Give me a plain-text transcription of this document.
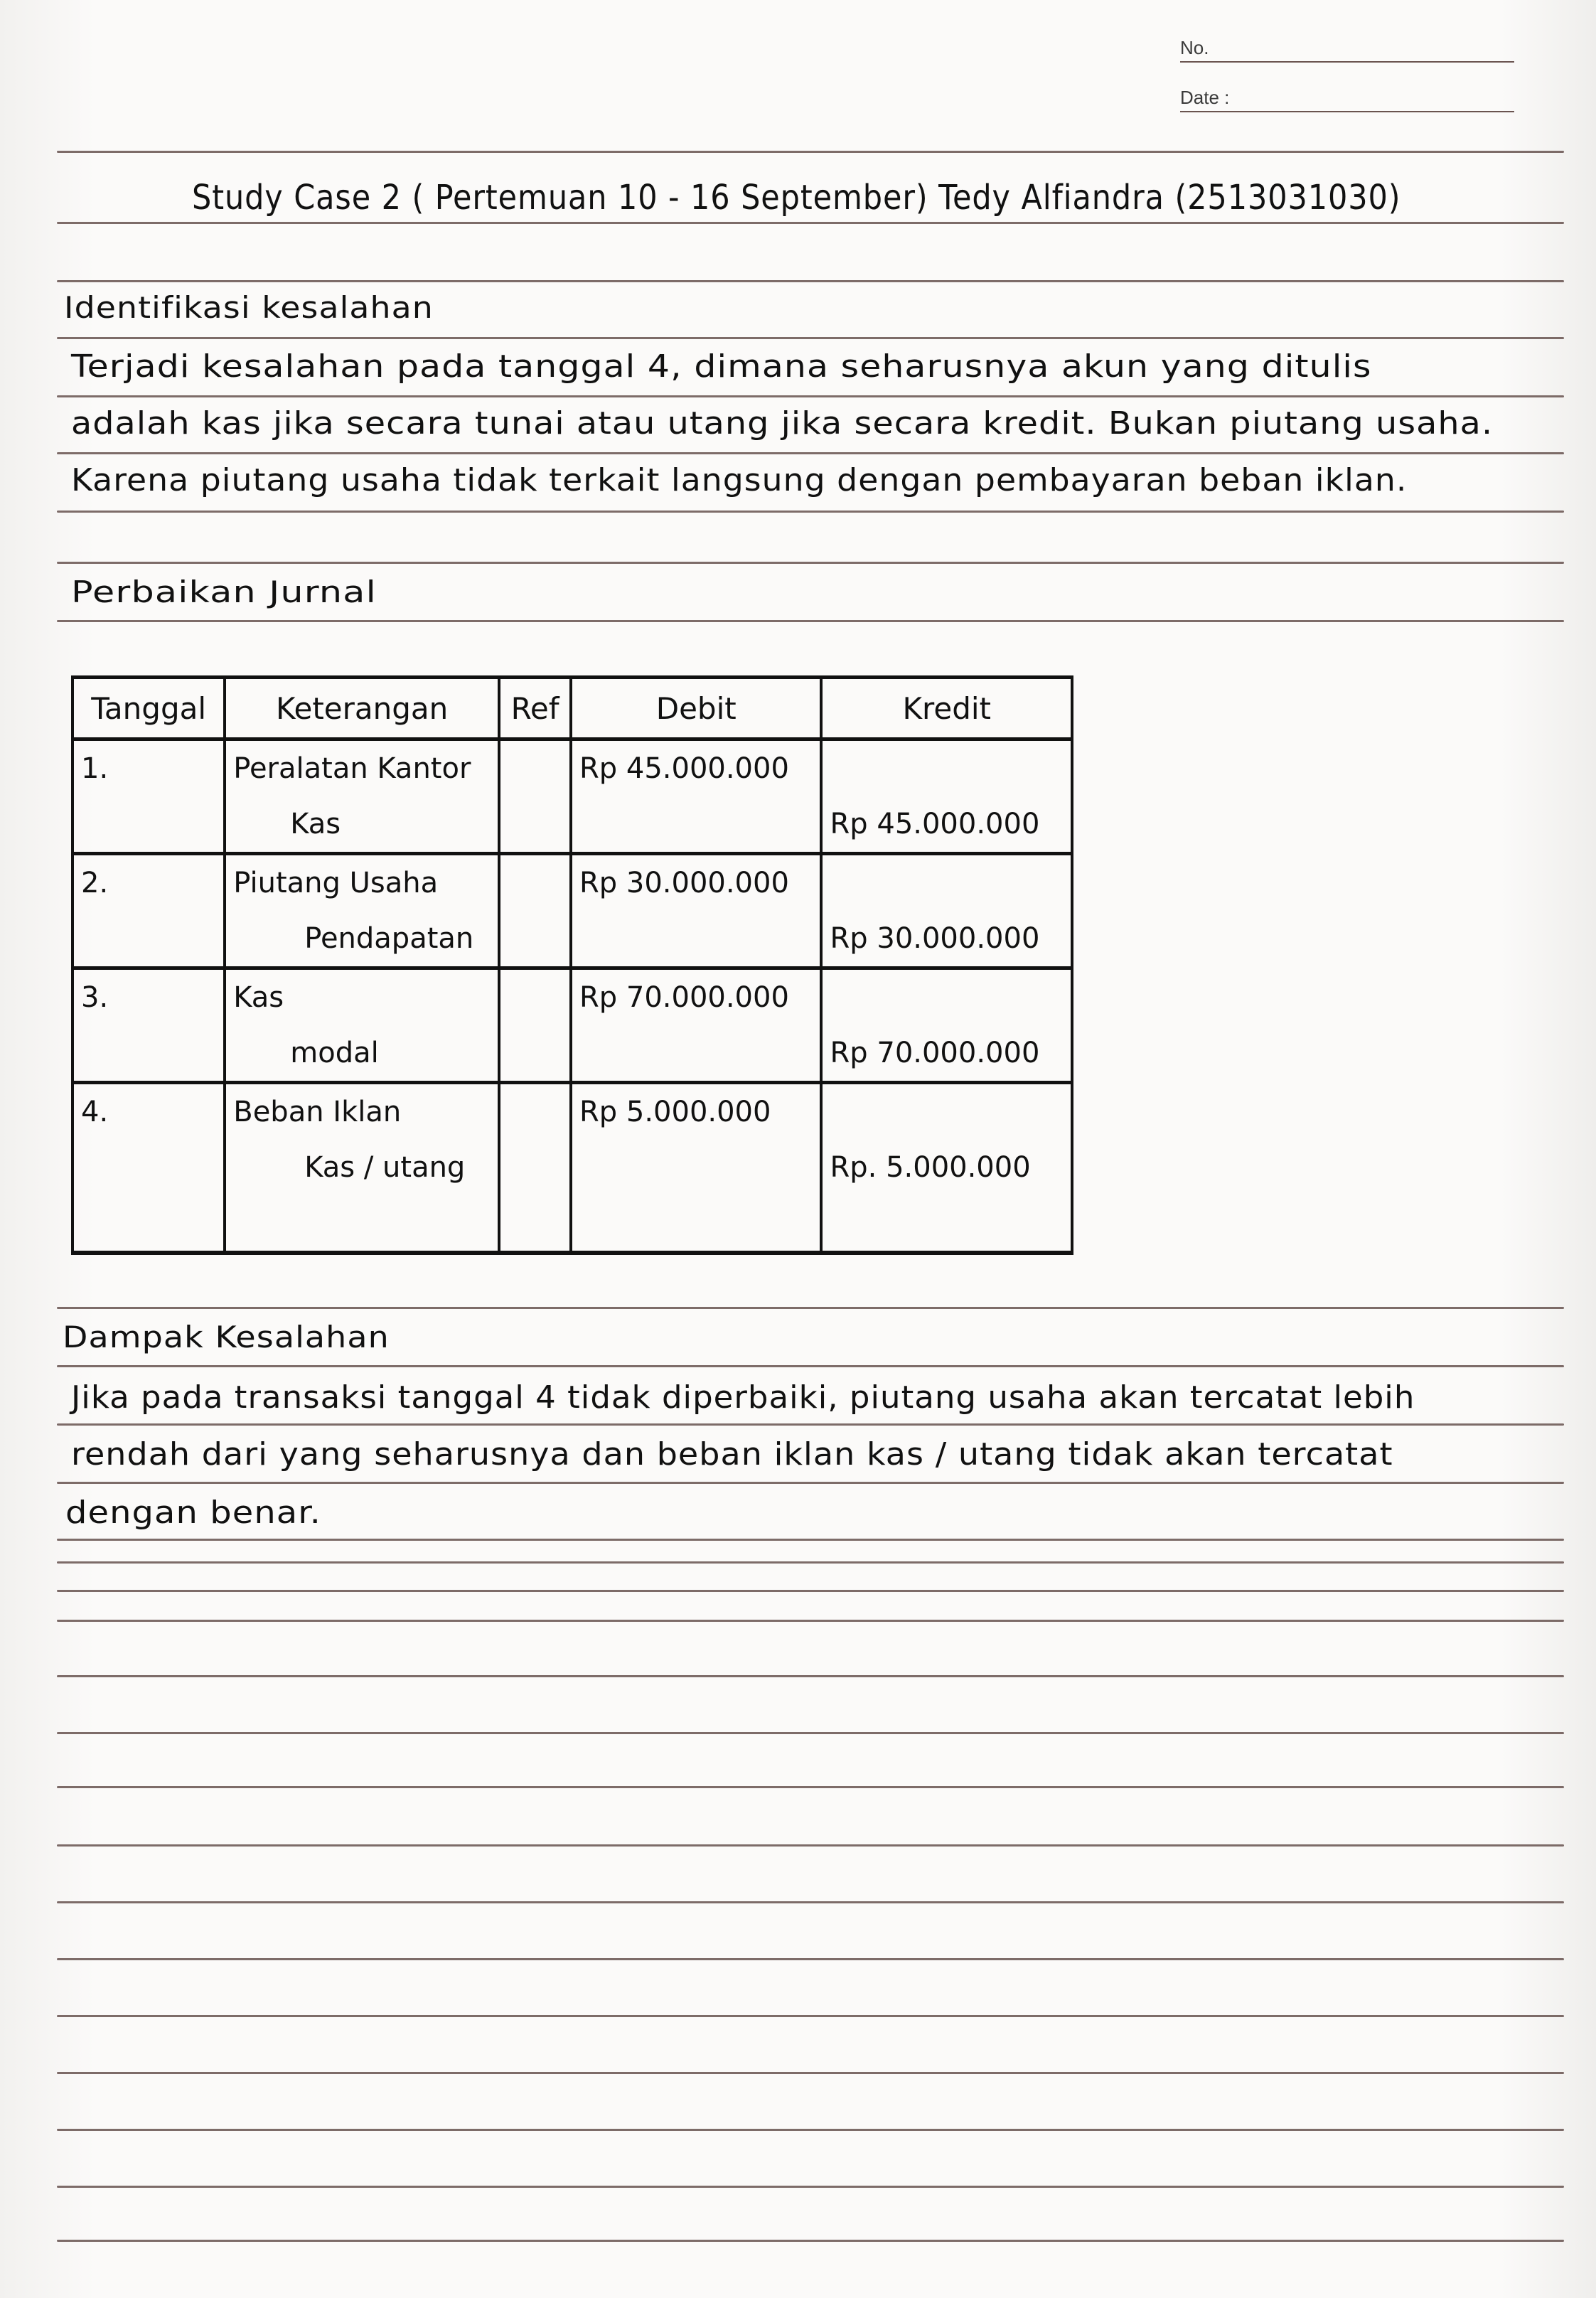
No.
Date :
Study Case 2 ( Pertemuan 10 - 16 September) Tedy Alfiandra (2513031030)
Identifikasi kesalahan
Terjadi kesalahan pada tanggal 4, dimana seharusnya akun yang ditulis
adalah kas jika secara tunai atau utang jika secara kredit. Bukan piutang usaha.
Karena piutang usaha tidak terkait langsung dengan pembayaran beban iklan.
Perbaikan Jurnal
Tanggal	Keterangan	Ref	Debit	Kredit
1.	Peralatan Kantor		Rp 45.000.000	
	Kas			Rp 45.000.000
2.	Piutang Usaha		Rp 30.000.000	
	Pendapatan			Rp 30.000.000
3.	Kas		Rp 70.000.000	
	modal			Rp 70.000.000
4.	Beban Iklan		Rp 5.000.000	
	Kas / utang			Rp. 5.000.000

Dampak Kesalahan
Jika pada transaksi tanggal 4 tidak diperbaiki, piutang usaha akan tercatat lebih
rendah dari yang seharusnya dan beban iklan kas / utang tidak akan tercatat
dengan benar.
